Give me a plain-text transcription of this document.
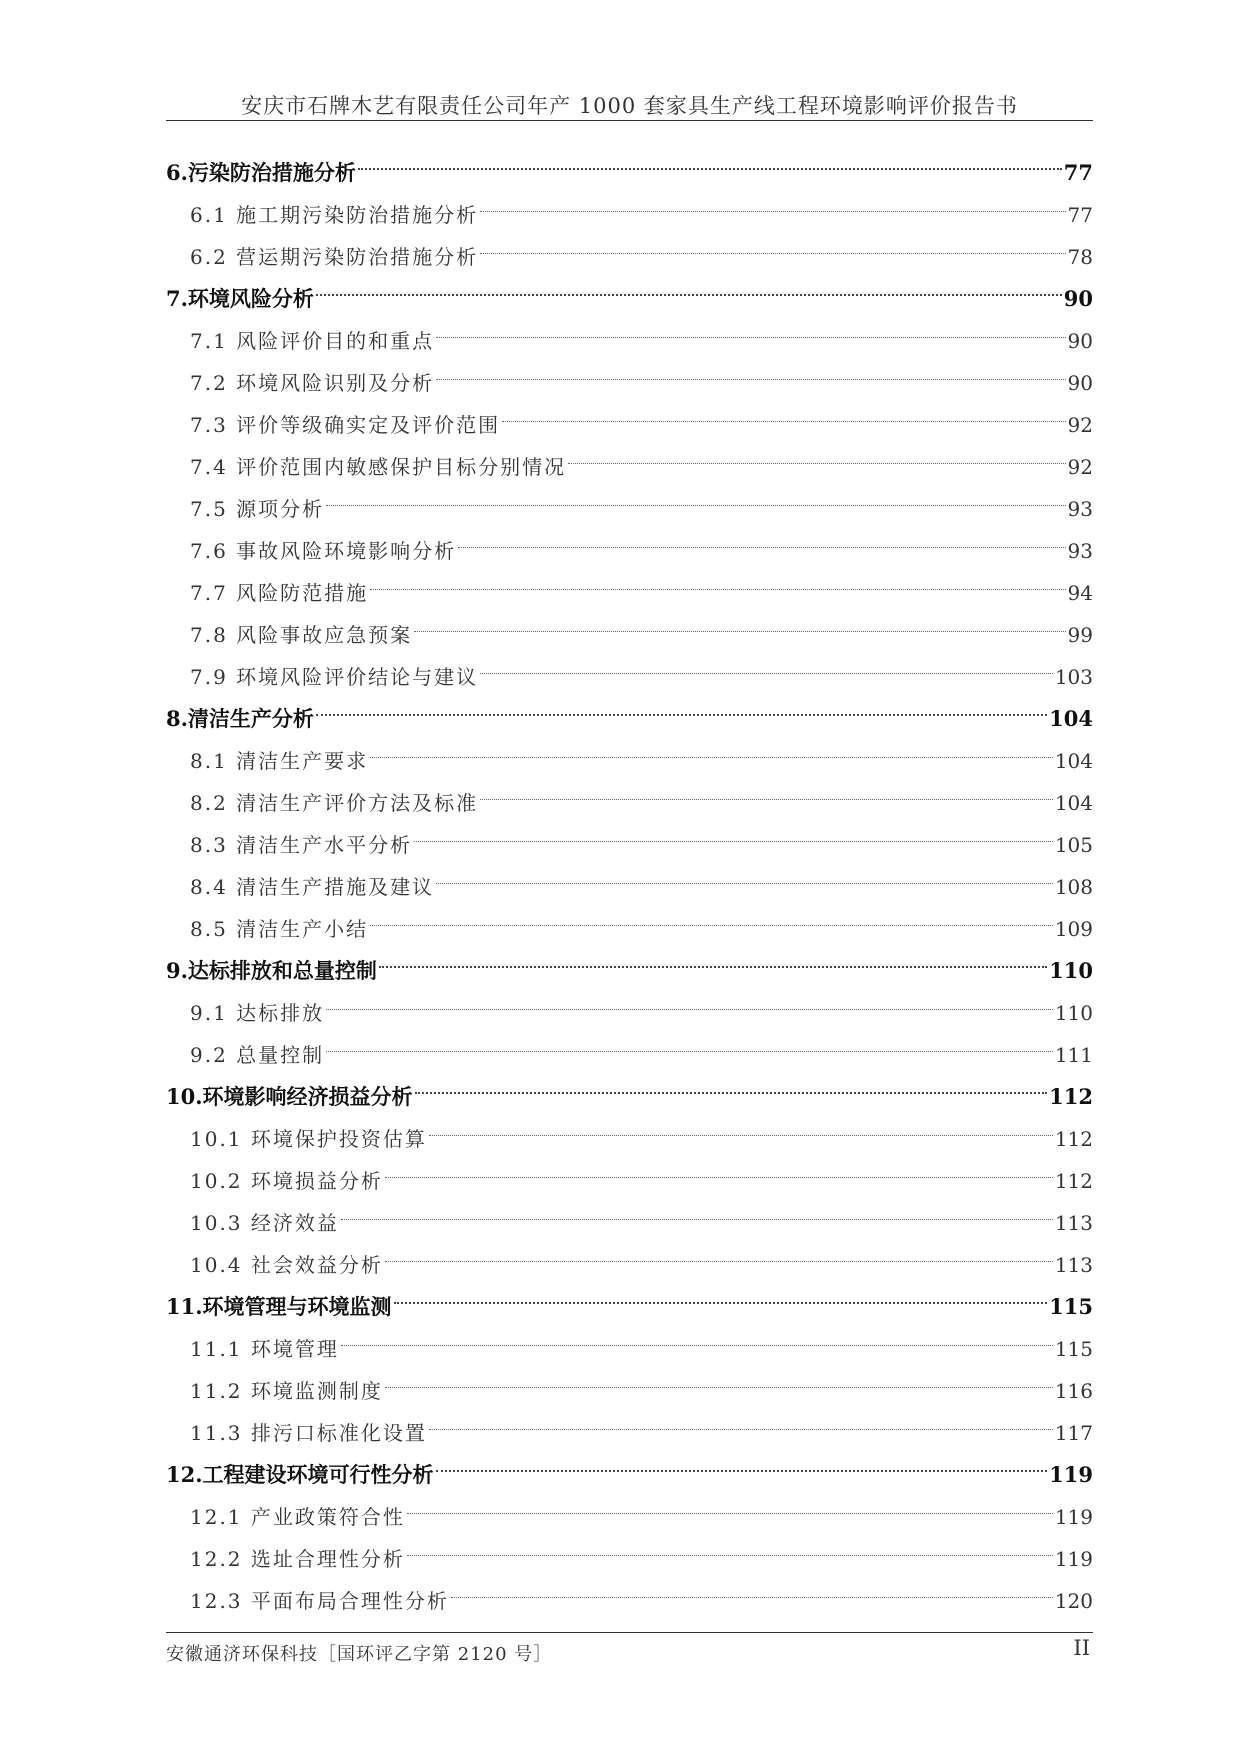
安庆市石牌木艺有限责任公司年产 1000 套家具生产线工程环境影响评价报告书
6.污染防治措施分析	77
6.1 施工期污染防治措施分析	77
6.2 营运期污染防治措施分析	78
7.环境风险分析	90
7.1 风险评价目的和重点	90
7.2 环境风险识别及分析	90
7.3 评价等级确实定及评价范围	92
7.4 评价范围内敏感保护目标分别情况	92
7.5 源项分析	93
7.6 事故风险环境影响分析	93
7.7 风险防范措施	94
7.8 风险事故应急预案	99
7.9 环境风险评价结论与建议	103
8.清洁生产分析	104
8.1 清洁生产要求	104
8.2 清洁生产评价方法及标准	104
8.3 清洁生产水平分析	105
8.4 清洁生产措施及建议	108
8.5 清洁生产小结	109
9.达标排放和总量控制	110
9.1 达标排放	110
9.2 总量控制	111
10.环境影响经济损益分析	112
10.1 环境保护投资估算	112
10.2 环境损益分析	112
10.3 经济效益	113
10.4 社会效益分析	113
11.环境管理与环境监测	115
11.1 环境管理	115
11.2 环境监测制度	116
11.3 排污口标准化设置	117
12.工程建设环境可行性分析	119
12.1 产业政策符合性	119
12.2 选址合理性分析	119
12.3 平面布局合理性分析	120
安徽通济环保科技［国环评乙字第 2120 号］	II
